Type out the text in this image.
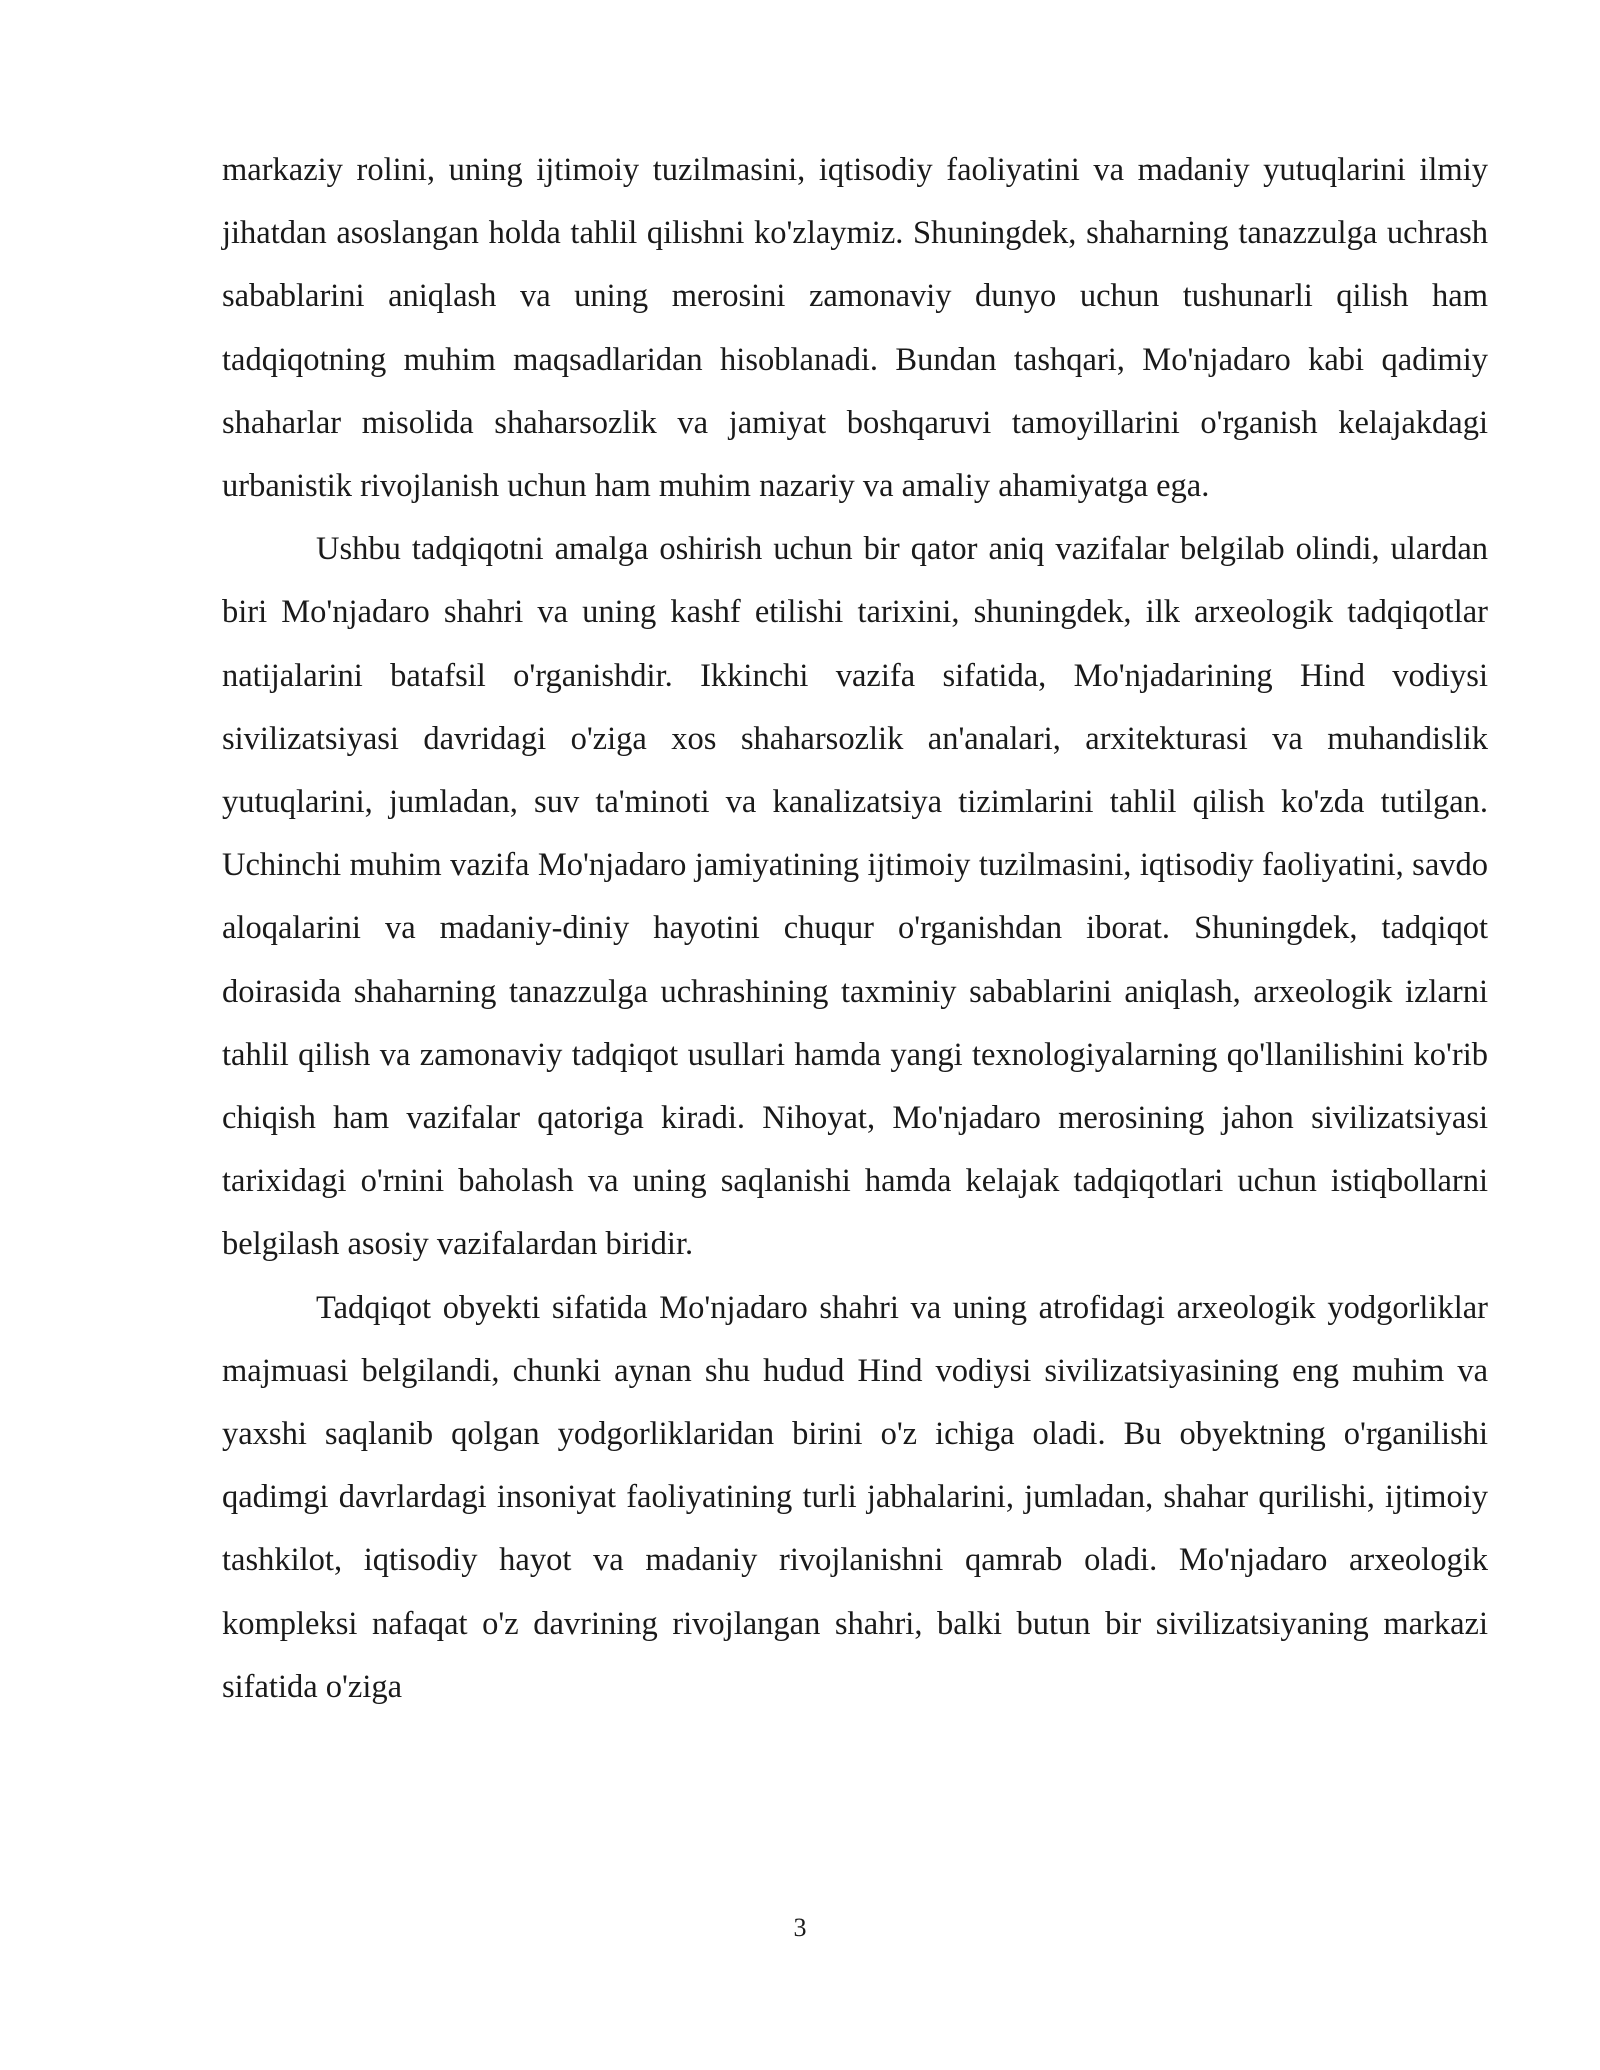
markaziy rolini, uning ijtimoiy tuzilmasini, iqtisodiy faoliyatini va madaniy yutuqlarini ilmiy jihatdan asoslangan holda tahlil qilishni ko'zlaymiz. Shuningdek, shaharning tanazzulga uchrash sabablarini aniqlash va uning merosini zamonaviy dunyo uchun tushunarli qilish ham tadqiqotning muhim maqsadlaridan hisoblanadi. Bundan tashqari, Mo'njadaro kabi qadimiy shaharlar misolida shaharsozlik va jamiyat boshqaruvi tamoyillarini o'rganish kelajakdagi urbanistik rivojlanish uchun ham muhim nazariy va amaliy ahamiyatga ega.

Ushbu tadqiqotni amalga oshirish uchun bir qator aniq vazifalar belgilab olindi, ulardan biri Mo'njadaro shahri va uning kashf etilishi tarixini, shuningdek, ilk arxeologik tadqiqotlar natijalarini batafsil o'rganishdir. Ikkinchi vazifa sifatida, Mo'njadarining Hind vodiysi sivilizatsiyasi davridagi o'ziga xos shaharsozlik an'analari, arxitekturasi va muhandislik yutuqlarini, jumladan, suv ta'minoti va kanalizatsiya tizimlarini tahlil qilish ko'zda tutilgan. Uchinchi muhim vazifa Mo'njadaro jamiyatining ijtimoiy tuzilmasini, iqtisodiy faoliyatini, savdo aloqalarini va madaniy-diniy hayotini chuqur o'rganishdan iborat. Shuningdek, tadqiqot doirasida shaharning tanazzulga uchrashining taxminiy sabablarini aniqlash, arxeologik izlarni tahlil qilish va zamonaviy tadqiqot usullari hamda yangi texnologiyalarning qo'llanilishini ko'rib chiqish ham vazifalar qatoriga kiradi. Nihoyat, Mo'njadaro merosining jahon sivilizatsiyasi tarixidagi o'rnini baholash va uning saqlanishi hamda kelajak tadqiqotlari uchun istiqbollarni belgilash asosiy vazifalardan biridir.

Tadqiqot obyekti sifatida Mo'njadaro shahri va uning atrofidagi arxeologik yodgorliklar majmuasi belgilandi, chunki aynan shu hudud Hind vodiysi sivilizatsiyasining eng muhim va yaxshi saqlanib qolgan yodgorliklaridan birini o'z ichiga oladi. Bu obyektning o'rganilishi qadimgi davrlardagi insoniyat faoliyatining turli jabhalarini, jumladan, shahar qurilishi, ijtimoiy tashkilot, iqtisodiy hayot va madaniy rivojlanishni qamrab oladi. Mo'njadaro arxeologik kompleksi nafaqat o'z davrining rivojlangan shahri, balki butun bir sivilizatsiyaning markazi sifatida o'ziga

3
